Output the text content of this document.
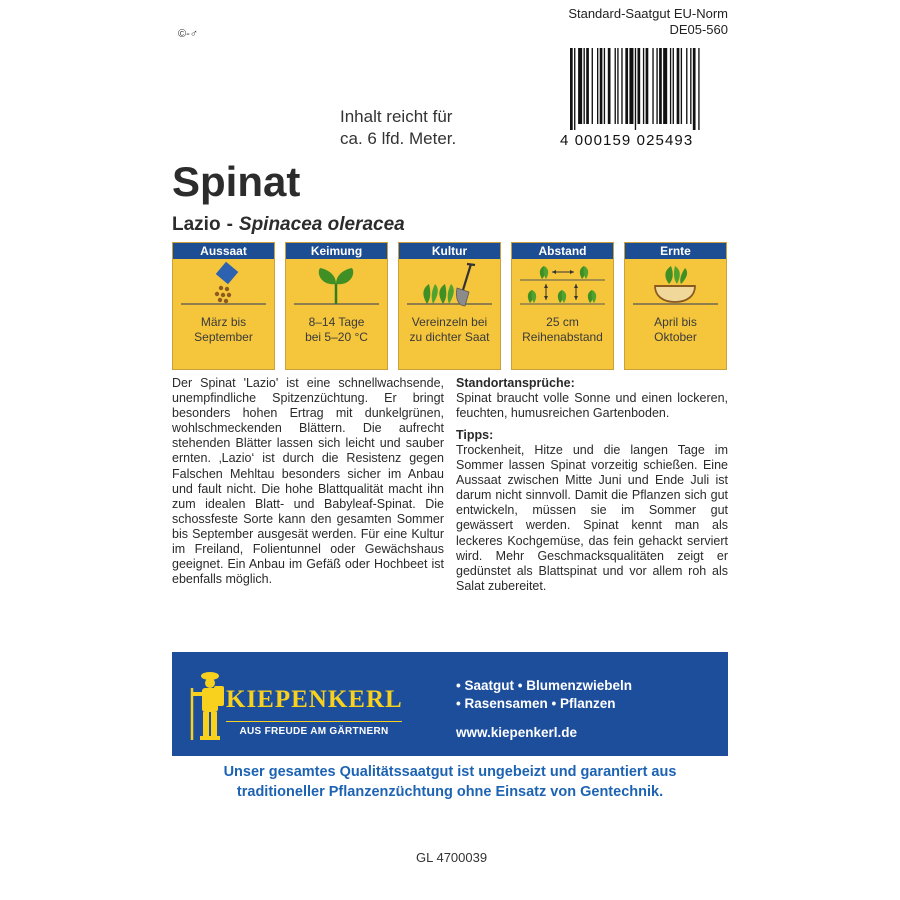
©-♂
Standard-Saatgut EU-Norm
DE05-560
4 000159 025493
Inhalt reicht für
ca. 6 lfd. Meter.
Spinat
Lazio - Spinacea oleracea
Aussaat
März bis
September
Keimung
8–14 Tage
bei 5–20 °C
Kultur
Vereinzeln bei
zu dichter Saat
Abstand
25 cm
Reihenabstand
Ernte
April bis
Oktober
Der Spinat 'Lazio' ist eine schnellwachsende, unempfindliche Spitzenzüchtung. Er bringt besonders hohen Ertrag mit dunkelgrünen, wohlschmeckenden Blättern. Die aufrecht stehenden Blätter lassen sich leicht und sauber ernten. ‚Lazio‘ ist durch die Resistenz gegen Falschen Mehltau besonders sicher im Anbau und fault nicht. Die hohe Blattqualität macht ihn zum idealen Blatt- und Babyleaf-Spinat. Die schossfeste Sorte kann den gesamten Sommer bis September ausgesät werden. Für eine Kultur im Freiland, Folientunnel oder Gewächshaus geeignet. Ein Anbau im Gefäß oder Hochbeet ist ebenfalls möglich.
Standortansprüche:
Spinat braucht volle Sonne und einen lockeren, feuchten, humusreichen Gartenboden.
Tipps:
Trockenheit, Hitze und die langen Tage im Sommer lassen Spinat vorzeitig schießen. Eine Aussaat zwischen Mitte Juni und Ende Juli ist darum nicht sinnvoll. Damit die Pflanzen sich gut entwickeln, müssen sie im Sommer gut gewässert werden. Spinat kennt man als leckeres Kochgemüse, das fein gehackt serviert wird. Mehr Geschmacksqualitäten zeigt er gedünstet als Blattspinat und vor allem roh als Salat zubereitet.
KIEPENKERL
AUS FREUDE AM GÄRTNERN
• Saatgut • Blumenzwiebeln
• Rasensamen • Pflanzen
www.kiepenkerl.de
Unser gesamtes Qualitätssaatgut ist ungebeizt und garantiert aus
traditioneller Pflanzenzüchtung ohne Einsatz von Gentechnik.
GL 4700039
